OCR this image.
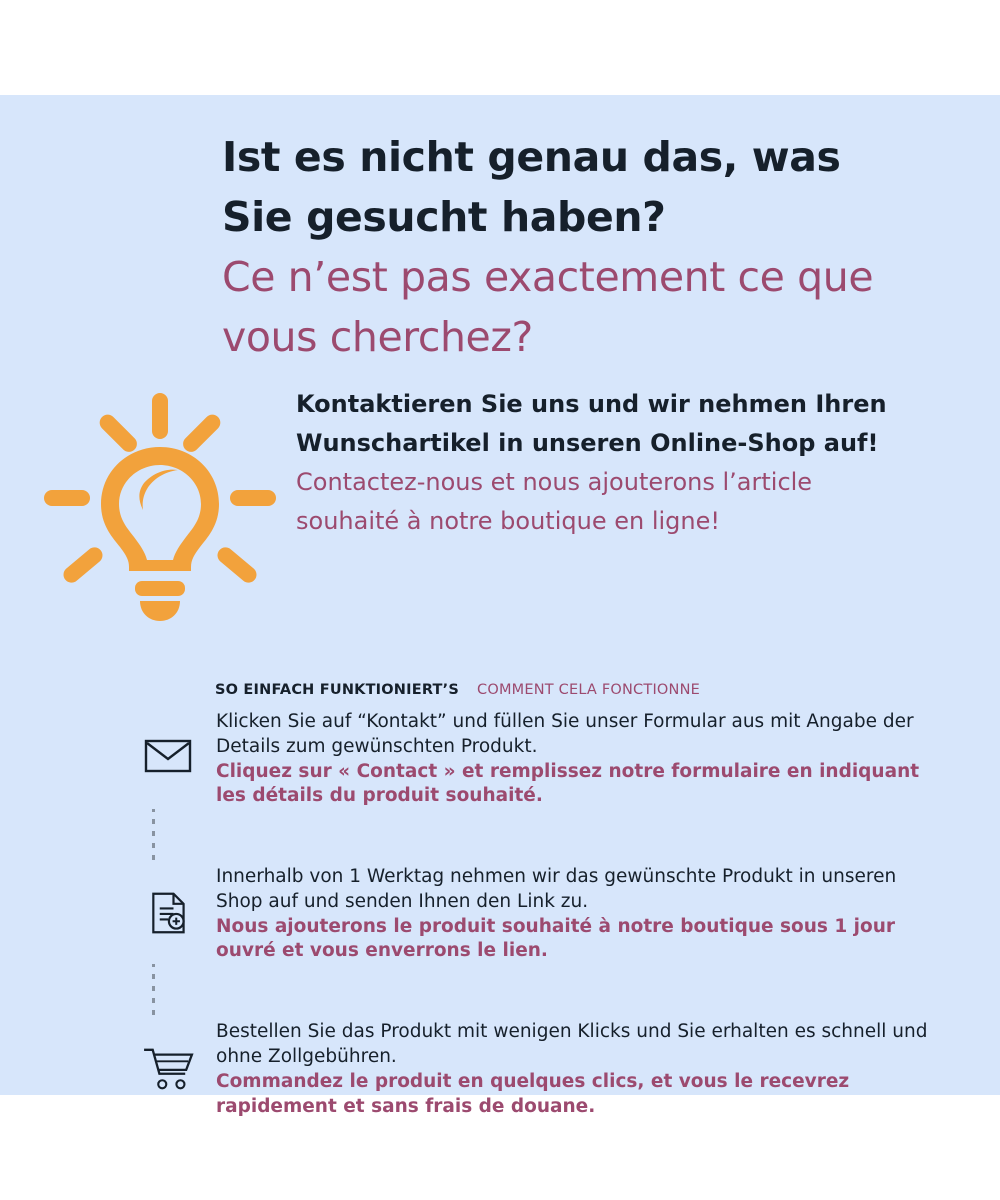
Ist es nicht genau das, was Sie gesucht haben?

Ce n’est pas exactement ce que vous cherchez?

Kontaktieren Sie uns und wir nehmen Ihren Wunschartikel in unseren Online-Shop auf!

Contactez-nous et nous ajouterons l’article souhaité à notre boutique en ligne!

SO EINFACH FUNKTIONIERT’S COMMENT CELA FONCTIONNE

Klicken Sie auf “Kontakt” und füllen Sie unser Formular aus mit Angabe der Details zum gewünschten Produkt.

Cliquez sur « Contact » et remplissez notre formulaire en indiquant les détails du produit souhaité.

Innerhalb von 1 Werktag nehmen wir das gewünschte Produkt in unseren Shop auf und senden Ihnen den Link zu.

Nous ajouterons le produit souhaité à notre boutique sous 1 jour ouvré et vous enverrons le lien.

Bestellen Sie das Produkt mit wenigen Klicks und Sie erhalten es schnell und ohne Zollgebühren.

Commandez le produit en quelques clics, et vous le recevrez rapidement et sans frais de douane.
